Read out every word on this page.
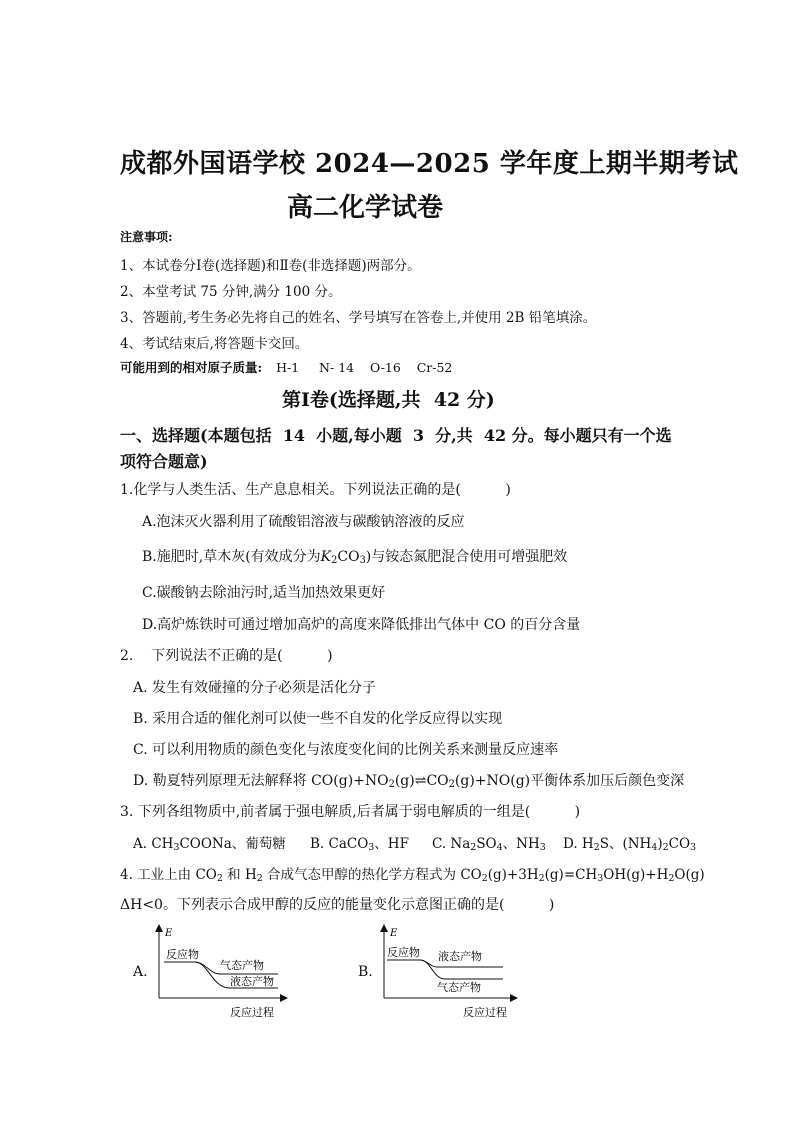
成都外国语学校 2024—2025 学年度上期半期考试
高二化学试卷
注意事项:
1、本试卷分Ⅰ卷(选择题)和Ⅱ卷(非选择题)两部分。
2、本堂考试 75 分钟,满分 100 分。
3、答题前,考生务必先将自己的姓名、学号填写在答卷上,并使用 2B 铅笔填涂。
4、考试结束后,将答题卡交回。
可能用到的相对原子质量: H-1     N- 14    O-16    Cr-52
第Ⅰ卷(选择题,共  42 分)
一、选择题(本题包括  14  小题,每小题  3  分,共  42 分。每小题只有一个选
项符合题意)
1.化学与人类生活、生产息息相关。下列说法正确的是(          )
A.泡沫灭火器利用了硫酸铝溶液与碳酸钠溶液的反应
B.施肥时,草木灰(有效成分为$K_2CO_3$)与铵态氮肥混合使用可增强肥效
C.碳酸钠去除油污时,适当加热效果更好
D.高炉炼铁时可通过增加高炉的高度来降低排出气体中 CO 的百分含量
2.    下列说法不正确的是(          )
A. 发生有效碰撞的分子必须是活化分子
B. 采用合适的催化剂可以使一些不自发的化学反应得以实现
C. 可以利用物质的颜色变化与浓度变化间的比例关系来测量反应速率
D. 勒夏特列原理无法解释将 $CO(g)+NO_2(g)\rightleftharpoons CO_2(g)+NO(g)$平衡体系加压后颜色变深
3. 下列各组物质中,前者属于强电解质,后者属于弱电解质的一组是(          )
A. $CH_3COONa$、葡萄糖 B. CaCO$_3$、HF C. $Na_2SO_4$、$NH_3$ D. $H_2S$、$(NH_4)_2CO_3$
4. 工业上由 $CO_2$ 和 $H_2$ 合成气态甲醇的热化学方程式为 $CO_2(g)+3H_2(g)=CH_3OH(g)+H_2O(g)$
ΔH<0。下列表示合成甲醇的反应的能量变化示意图正确的是(          )
A.
E
反应物
气态产物
液态产物
反应过程
B.
E
反应物 液态产物
气态产物
反应过程
